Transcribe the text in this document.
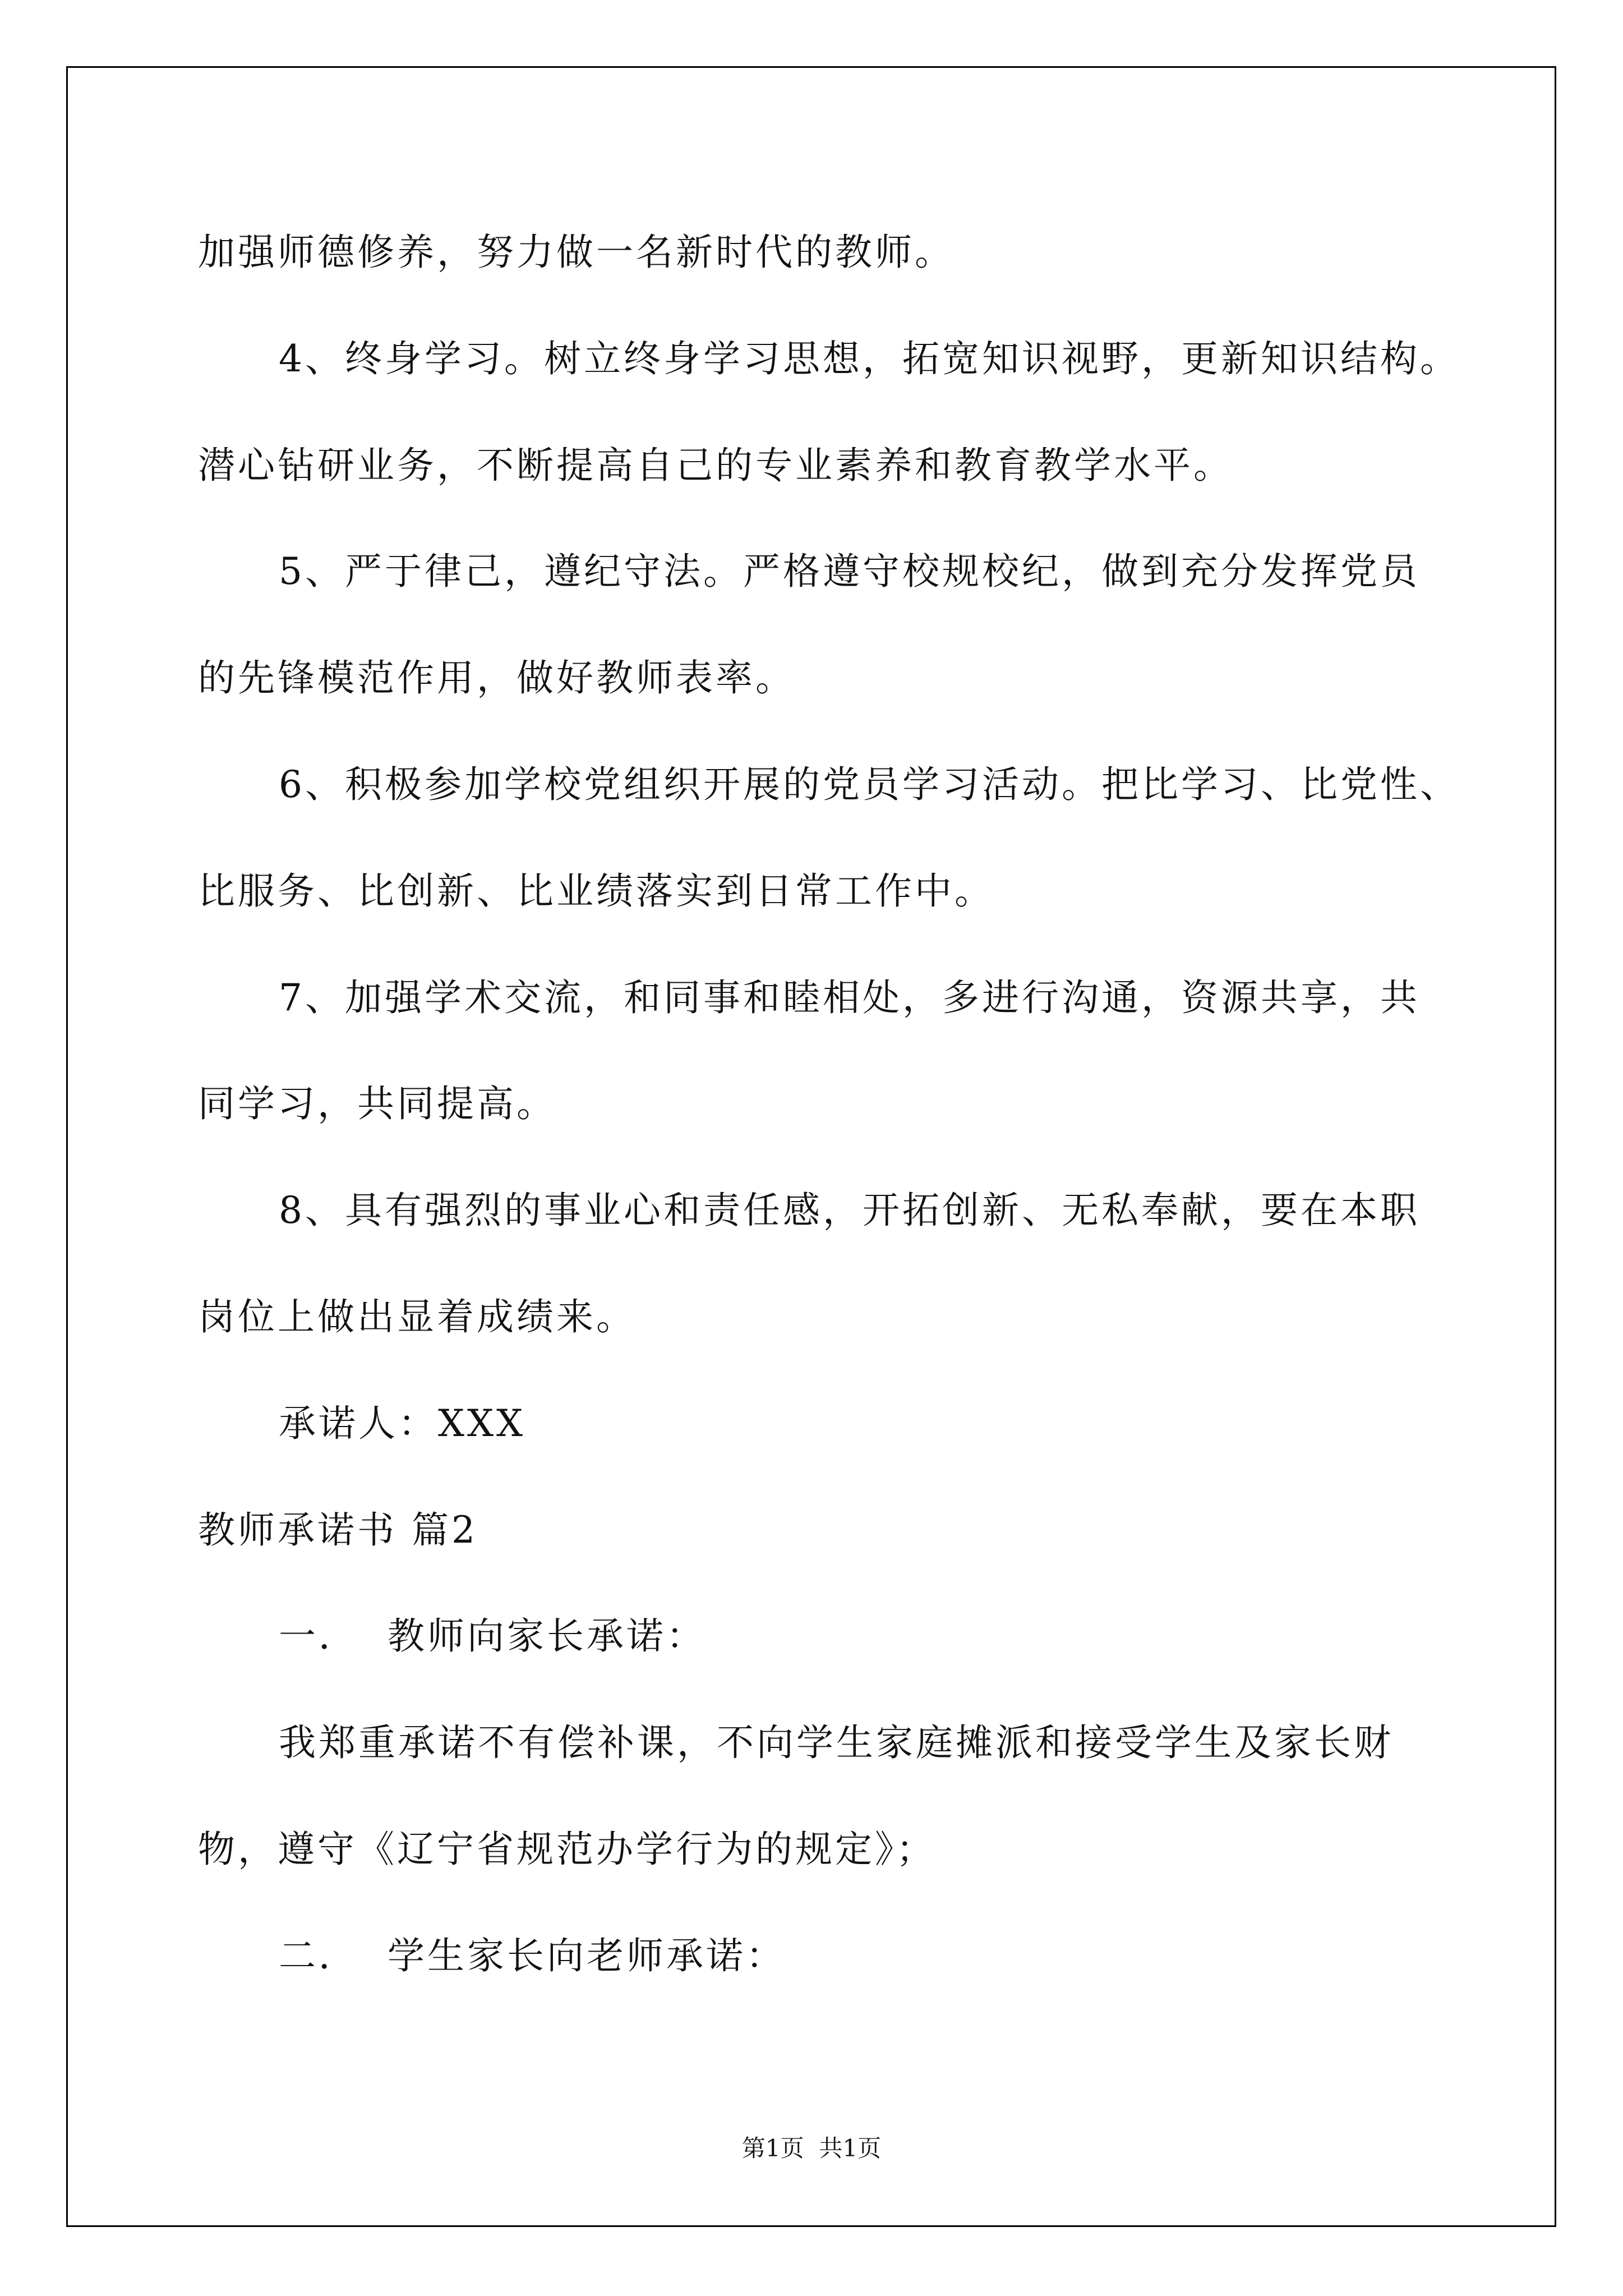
加强师德修养，努力做一名新时代的教师。
4、终身学习。树立终身学习思想，拓宽知识视野，更新知识结构。
潜心钻研业务，不断提高自己的专业素养和教育教学水平。
5、严于律己，遵纪守法。严格遵守校规校纪，做到充分发挥党员
的先锋模范作用，做好教师表率。
6、积极参加学校党组织开展的党员学习活动。把比学习、比党性、
比服务、比创新、比业绩落实到日常工作中。
7、加强学术交流，和同事和睦相处，多进行沟通，资源共享，共
同学习，共同提高。
8、具有强烈的事业心和责任感，开拓创新、无私奉献，要在本职
岗位上做出显着成绩来。
承诺人：XXX
教师承诺书 篇2
一．  教师向家长承诺：
我郑重承诺不有偿补课，不向学生家庭摊派和接受学生及家长财
物，遵守《辽宁省规范办学行为的规定》；
二．  学生家长向老师承诺：
第1页  共1页
